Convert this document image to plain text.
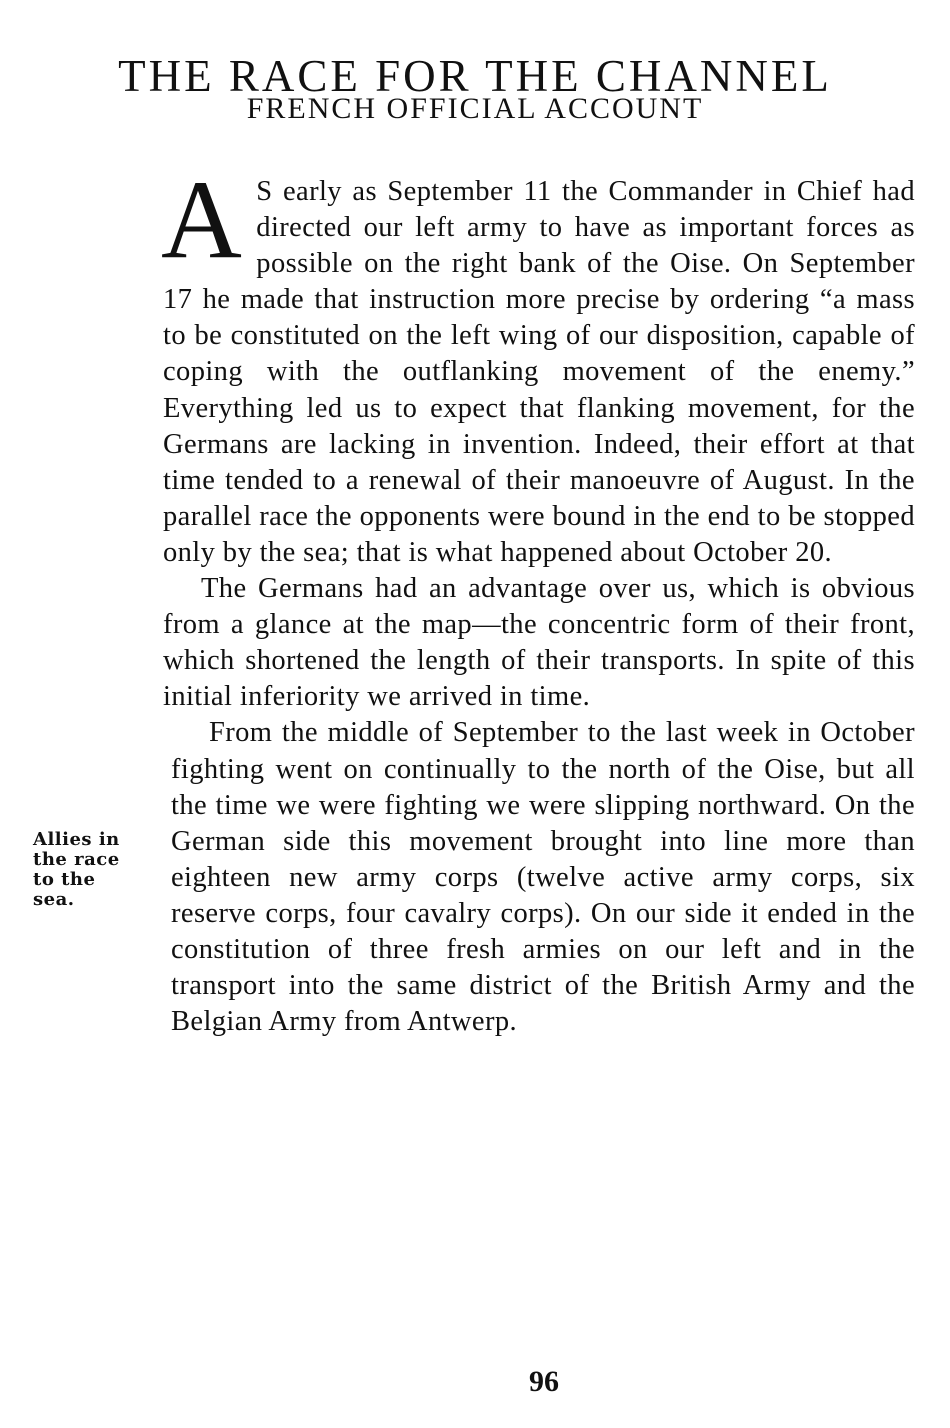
THE RACE FOR THE CHANNEL
FRENCH OFFICIAL ACCOUNT

A S early as September 11 the Commander in Chief had directed our left army to have as important forces as possible on the right bank of the Oise. On September 17 he made that instruction more precise by ordering “a mass to be constituted on the left wing of our disposition, capable of coping with the outflanking movement of the enemy.” Everything led us to expect that flanking movement, for the Germans are lacking in invention. Indeed, their effort at that time tended to a renewal of their manoeuvre of August. In the parallel race the opponents were bound in the end to be stopped only by the sea; that is what happened about October 20.

The Germans had an advantage over us, which is obvious from a glance at the map—the concentric form of their front, which shortened the length of their transports. In spite of this initial inferiority we arrived in time.

From the middle of September to the last week in October fighting went on continually to the north of the Oise, but all the time we were fighting we were slipping northward. On the German side this movement brought into line more than eighteen new army corps (twelve active army corps, six reserve corps, four cavalry corps). On our side it ended in the constitution of three fresh armies on our left and in the transport into the same district of the British Army and the Belgian Army from Antwerp.

Allies in the race to the sea.
96
